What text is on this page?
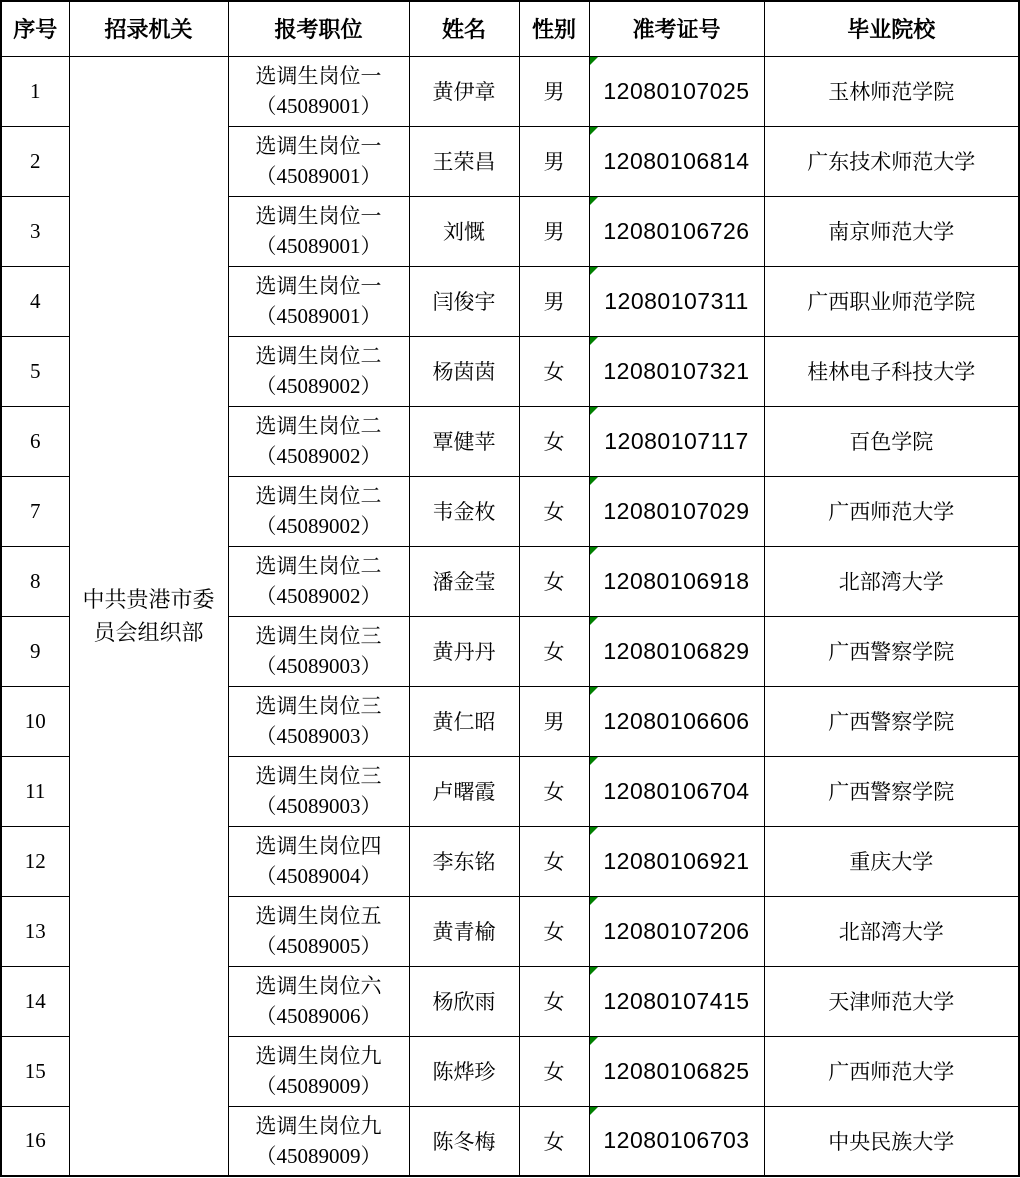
序号	招录机关	报考职位	姓名	性别	准考证号	毕业院校
1	中共贵港市委员会组织部	选调生岗位一
（45089001）	黄伊章	男	12080107025	玉林师范学院
2		选调生岗位一
（45089001）	王荣昌	男	12080106814	广东技术师范大学
3		选调生岗位一
（45089001）	刘慨	男	12080106726	南京师范大学
4		选调生岗位一
（45089001）	闫俊宇	男	12080107311	广西职业师范学院
5		选调生岗位二
（45089002）	杨茵茵	女	12080107321	桂林电子科技大学
6		选调生岗位二
（45089002）	覃健苹	女	12080107117	百色学院
7		选调生岗位二
（45089002）	韦金枚	女	12080107029	广西师范大学
8		选调生岗位二
（45089002）	潘金莹	女	12080106918	北部湾大学
9		选调生岗位三
（45089003）	黄丹丹	女	12080106829	广西警察学院
10		选调生岗位三
（45089003）	黄仁昭	男	12080106606	广西警察学院
11		选调生岗位三
（45089003）	卢曙霞	女	12080106704	广西警察学院
12		选调生岗位四
（45089004）	李东铭	女	12080106921	重庆大学
13		选调生岗位五
（45089005）	黄青榆	女	12080107206	北部湾大学
14		选调生岗位六
（45089006）	杨欣雨	女	12080107415	天津师范大学
15		选调生岗位九
（45089009）	陈烨珍	女	12080106825	广西师范大学
16		选调生岗位九
（45089009）	陈冬梅	女	12080106703	中央民族大学
